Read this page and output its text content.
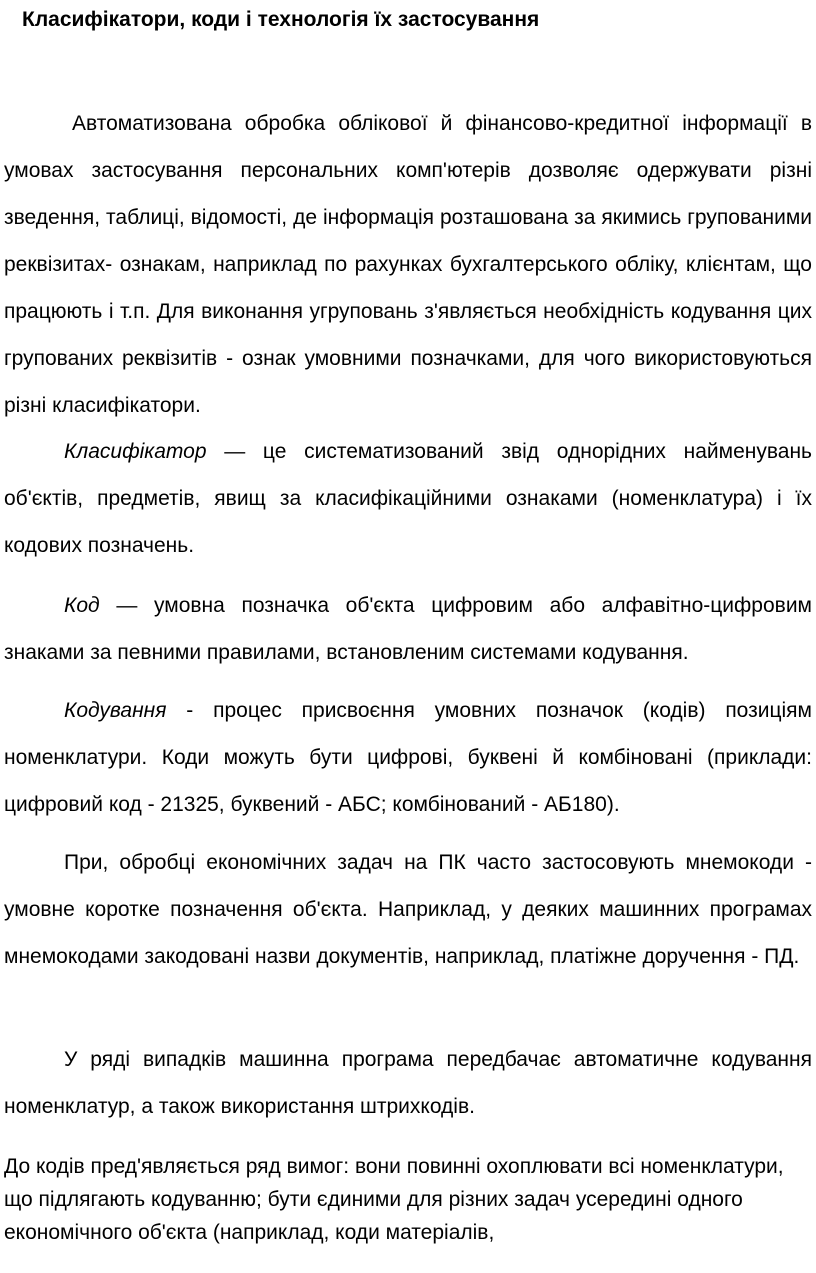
Класифікатори, коди і технологія їх застосування

Автоматизована обробка облікової й фінансово-кредитної інформації в умовах застосування персональних комп'ютерів дозволяє одержувати різні зведення, таблиці, відомості, де інформація розташована за якимись групованими реквізитах- ознакам, наприклад по рахунках бухгалтерського обліку, клієнтам, що працюють і т.п. Для виконання угруповань з'являється необхідність кодування цих групованих реквізитів - ознак умовними позначками, для чого використовуються різні класифікатори.

Класифікатор — це систематизований звід однорідних найменувань об'єктів, предметів, явищ за класифікаційними ознаками (номенклатура) і їх кодових позначень.

Код — умовна позначка об'єкта цифровим або алфавітно-цифровим знаками за певними правилами, встановленим системами кодування.

Кодування - процес присвоєння умовних позначок (кодів) позиціям номенклатури. Коди можуть бути цифрові, буквені й комбіновані (приклади: цифровий код - 21325, буквений - АБС; комбінований - АБ180).

При, обробці економічних задач на ПК часто застосовують мнемокоди - умовне коротке позначення об'єкта. Наприклад, у деяких машинних програмах мнемокодами закодовані назви документів, наприклад, платіжне доручення - ПД.

У ряді випадків машинна програма передбачає автоматичне кодування номенклатур, а також використання штрихкодів.

До кодів пред'являється ряд вимог: вони повинні охоплювати всі номенклатури, що підлягають кодуванню; бути єдиними для різних задач усередині одного економічного об'єкта (наприклад, коди матеріалів,
